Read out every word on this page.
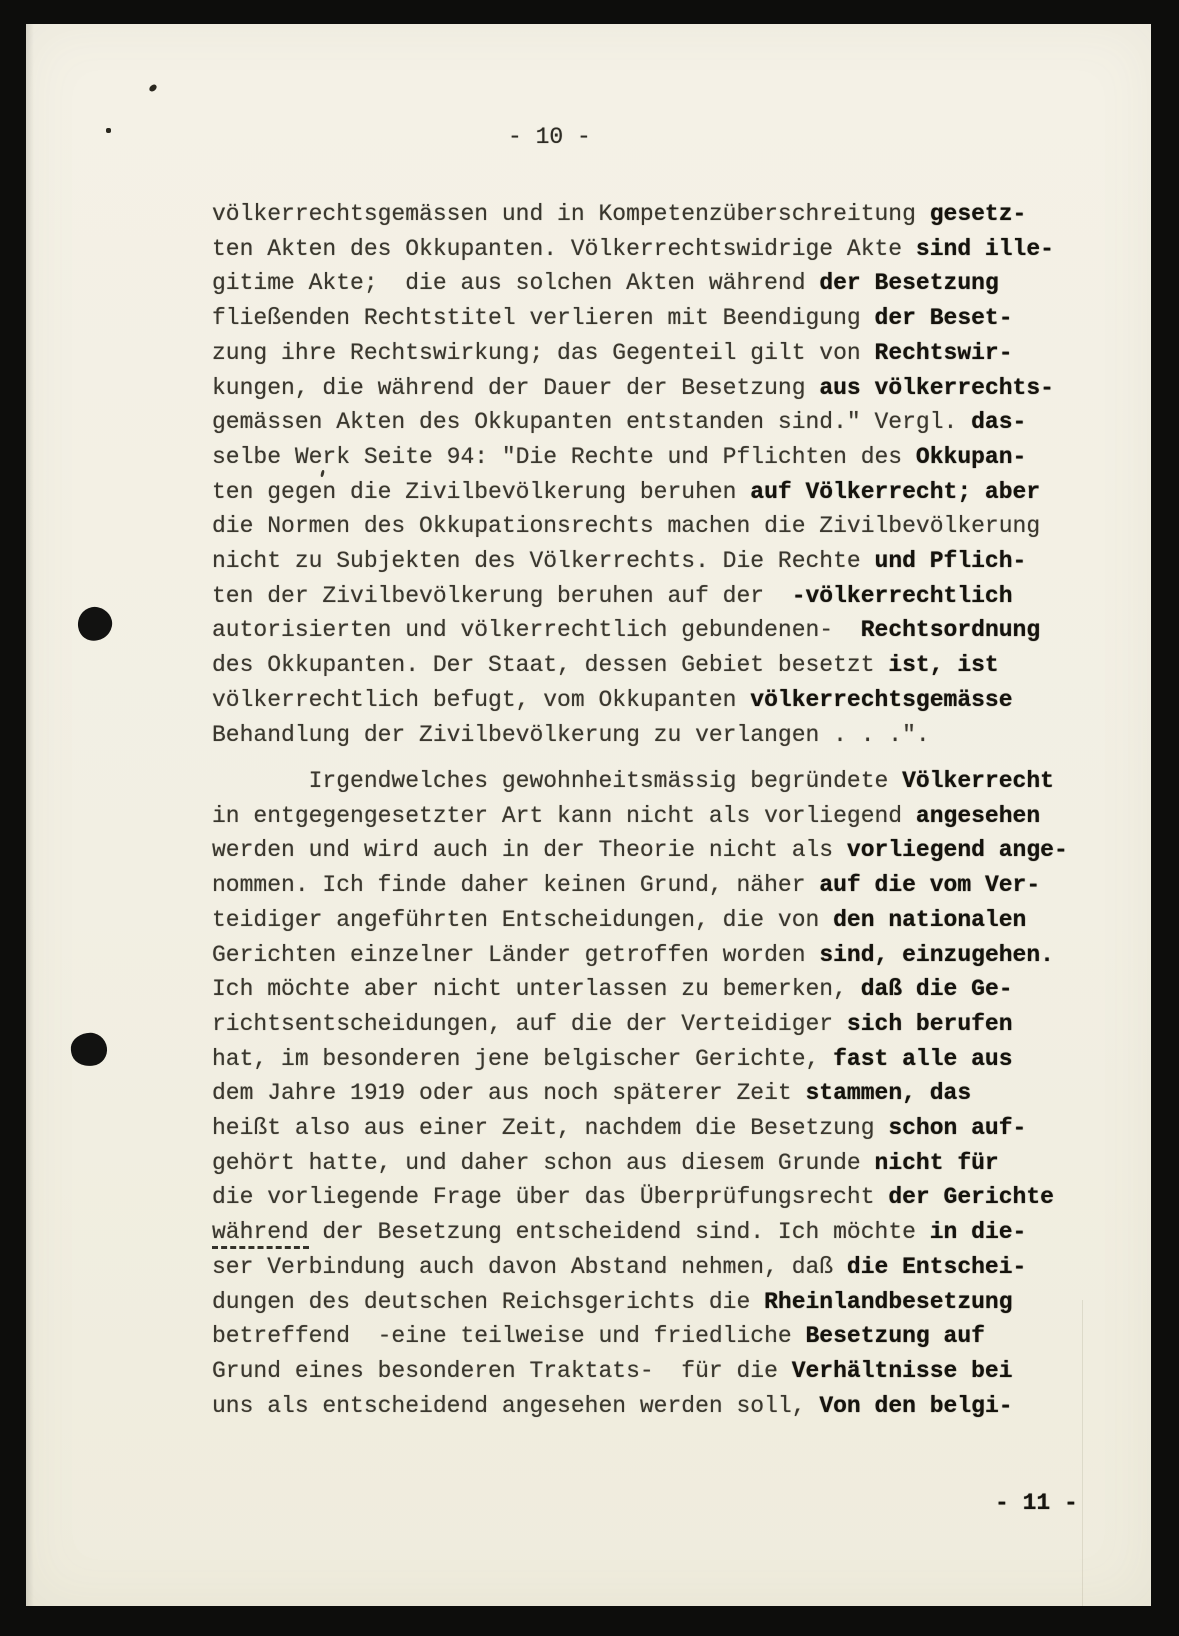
- 10 -
völkerrechtsgemässen und in Kompetenzüberschreitung gesetz-
ten Akten des Okkupanten. Völkerrechtswidrige Akte sind ille-
gitime Akte;  die aus solchen Akten während der Besetzung
fließenden Rechtstitel verlieren mit Beendigung der Beset-
zung ihre Rechtswirkung; das Gegenteil gilt von Rechtswir-
kungen, die während der Dauer der Besetzung aus völkerrechts-
gemässen Akten des Okkupanten entstanden sind." Vergl. das-
selbe Werk Seite 94: "Die Rechte und Pflichten des Okkupan-
ten gegen die Zivilbevölkerung beruhen auf Völkerrecht; aber
die Normen des Okkupationsrechts machen die Zivilbevölkerung
nicht zu Subjekten des Völkerrechts. Die Rechte und Pflich-
ten der Zivilbevölkerung beruhen auf der  -völkerrechtlich
autorisierten und völkerrechtlich gebundenen-  Rechtsordnung
des Okkupanten. Der Staat, dessen Gebiet besetzt ist, ist
völkerrechtlich befugt, vom Okkupanten völkerrechtsgemässe
Behandlung der Zivilbevölkerung zu verlangen . . .".
Irgendwelches gewohnheitsmässig begründete Völkerrecht
in entgegengesetzter Art kann nicht als vorliegend angesehen
werden und wird auch in der Theorie nicht als vorliegend ange-
nommen. Ich finde daher keinen Grund, näher auf die vom Ver-
teidiger angeführten Entscheidungen, die von den nationalen
Gerichten einzelner Länder getroffen worden sind, einzugehen.
Ich möchte aber nicht unterlassen zu bemerken, daß die Ge-
richtsentscheidungen, auf die der Verteidiger sich berufen
hat, im besonderen jene belgischer Gerichte, fast alle aus
dem Jahre 1919 oder aus noch späterer Zeit stammen, das
heißt also aus einer Zeit, nachdem die Besetzung schon auf-
gehört hatte, und daher schon aus diesem Grunde nicht für
die vorliegende Frage über das Überprüfungsrecht der Gerichte
während der Besetzung entscheidend sind. Ich möchte in die-
ser Verbindung auch davon Abstand nehmen, daß die Entschei-
dungen des deutschen Reichsgerichts die Rheinlandbesetzung
betreffend  -eine teilweise und friedliche Besetzung auf
Grund eines besonderen Traktats-  für die Verhältnisse bei
uns als entscheidend angesehen werden soll, Von den belgi-
- 11 -
